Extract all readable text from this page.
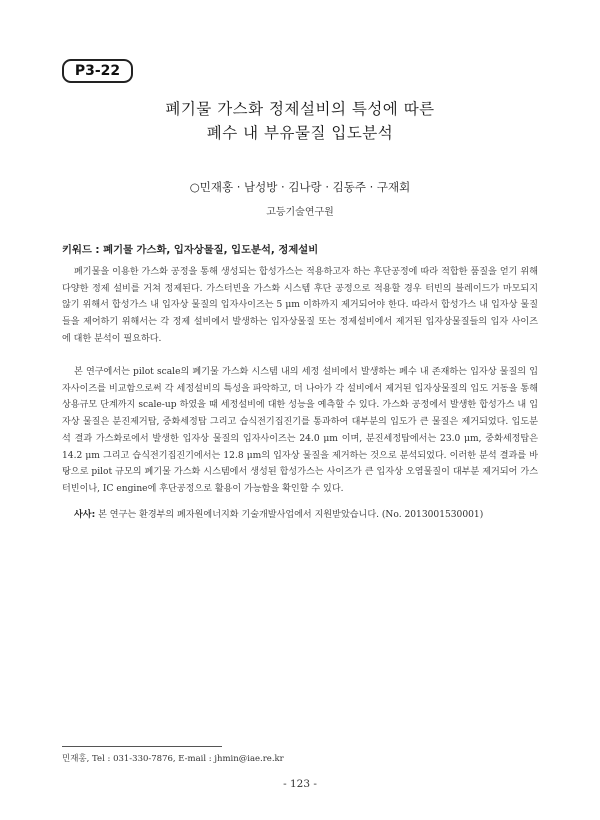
P3-22
폐기물 가스화 정제설비의 특성에 따른
폐수 내 부유물질 입도분석
○민재홍 · 남성방 · 김나랑 · 김동주 · 구재회
고등기술연구원
키워드 : 폐기물 가스화, 입자상물질, 입도분석, 정제설비

폐기물을 이용한 가스화 공정을 통해 생성되는 합성가스는 적용하고자 하는 후단공정에 따라 적합한 품질을 얻기 위해 다양한 정제 설비를 거쳐 정제된다. 가스터빈을 가스화 시스템 후단 공정으로 적용할 경우 터빈의 블레이드가 마모되지 않기 위해서 합성가스 내 입자상 물질의 입자사이즈는 5 μm 이하까지 제거되어야 한다. 따라서 합성가스 내 입자상 물질들을 제어하기 위해서는 각 정제 설비에서 발생하는 입자상물질 또는 정제설비에서 제거된 입자상물질들의 입자 사이즈에 대한 분석이 필요하다.

본 연구에서는 pilot scale의 폐기물 가스화 시스템 내의 세정 설비에서 발생하는 폐수 내 존재하는 입자상 물질의 입자사이즈를 비교함으로써 각 세정설비의 특성을 파악하고, 더 나아가 각 설비에서 제거된 입자상물질의 입도 거동을 통해 상용규모 단계까지 scale-up 하였을 때 세정설비에 대한 성능을 예측할 수 있다. 가스화 공정에서 발생한 합성가스 내 입자상 물질은 분진제거탑, 중화세정탑 그리고 습식전기집진기를 통과하여 대부분의 입도가 큰 물질은 제거되었다. 입도분석 결과 가스화로에서 발생한 입자상 물질의 입자사이즈는 24.0 μm 이며, 분진세정탑에서는 23.0 μm, 중화세정탑은 14.2 μm 그리고 습식전기집진기에서는 12.8 μm의 입자상 물질을 제거하는 것으로 분석되었다. 이러한 분석 결과를 바탕으로 pilot 규모의 폐기물 가스화 시스템에서 생성된 합성가스는 사이즈가 큰 입자상 오염물질이 대부분 제거되어 가스터빈이나, IC engine에 후단공정으로 활용이 가능함을 확인할 수 있다.

사사: 본 연구는 환경부의 폐자원에너지화 기술개발사업에서 지원받았습니다. (No. 2013001530001)

민재홍, Tel : 031-330-7876, E-mail : jhmin@iae.re.kr
- 123 -
